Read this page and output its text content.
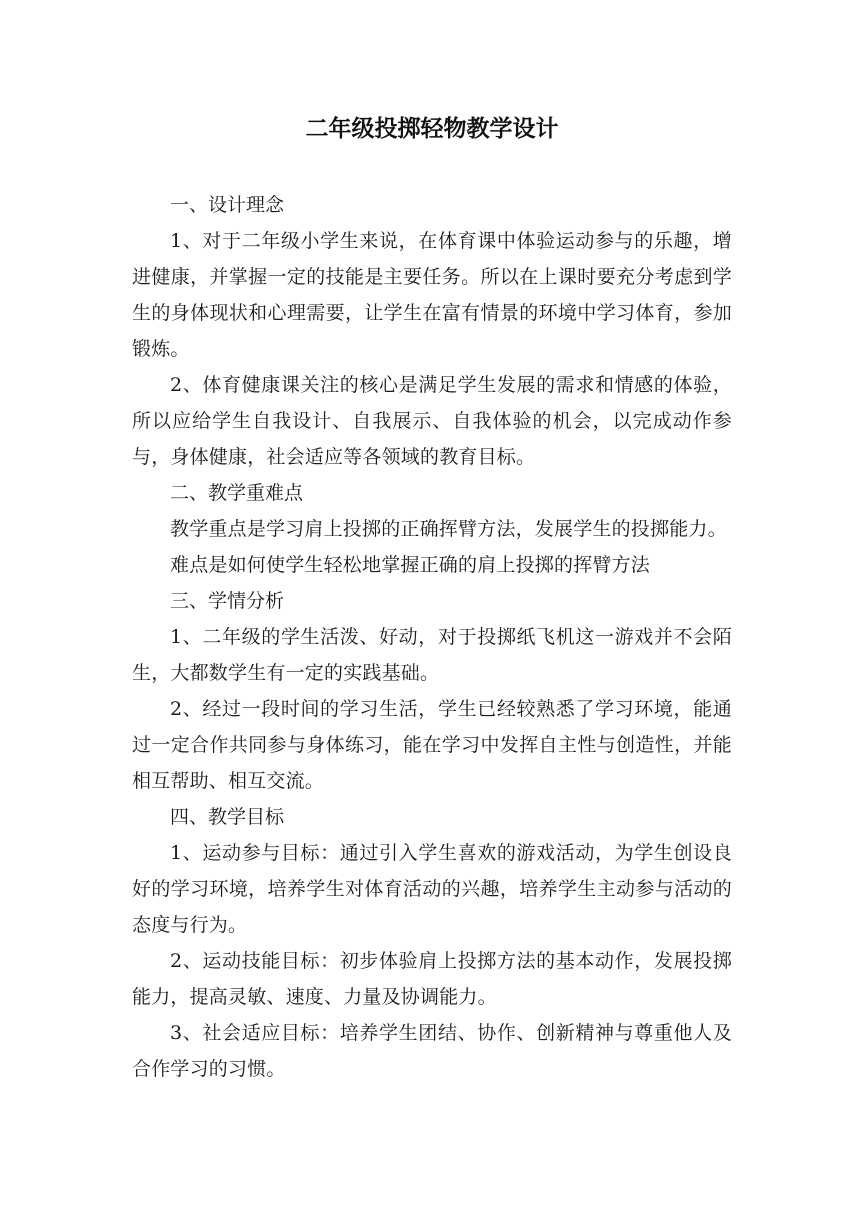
二年级投掷轻物教学设计

一、设计理念

1、对于二年级小学生来说，在体育课中体验运动参与的乐趣，增进健康，并掌握一定的技能是主要任务。所以在上课时要充分考虑到学生的身体现状和心理需要，让学生在富有情景的环境中学习体育，参加锻炼。

2、体育健康课关注的核心是满足学生发展的需求和情感的体验，所以应给学生自我设计、自我展示、自我体验的机会，以完成动作参与，身体健康，社会适应等各领域的教育目标。

二、教学重难点

教学重点是学习肩上投掷的正确挥臂方法，发展学生的投掷能力。

难点是如何使学生轻松地掌握正确的肩上投掷的挥臂方法

三、学情分析

1、二年级的学生活泼、好动，对于投掷纸飞机这一游戏并不会陌生，大都数学生有一定的实践基础。

2、经过一段时间的学习生活，学生已经较熟悉了学习环境，能通过一定合作共同参与身体练习，能在学习中发挥自主性与创造性，并能相互帮助、相互交流。

四、教学目标

1、运动参与目标：通过引入学生喜欢的游戏活动，为学生创设良好的学习环境，培养学生对体育活动的兴趣，培养学生主动参与活动的态度与行为。

2、运动技能目标：初步体验肩上投掷方法的基本动作，发展投掷能力，提高灵敏、速度、力量及协调能力。

3、社会适应目标：培养学生团结、协作、创新精神与尊重他人及合作学习的习惯。
